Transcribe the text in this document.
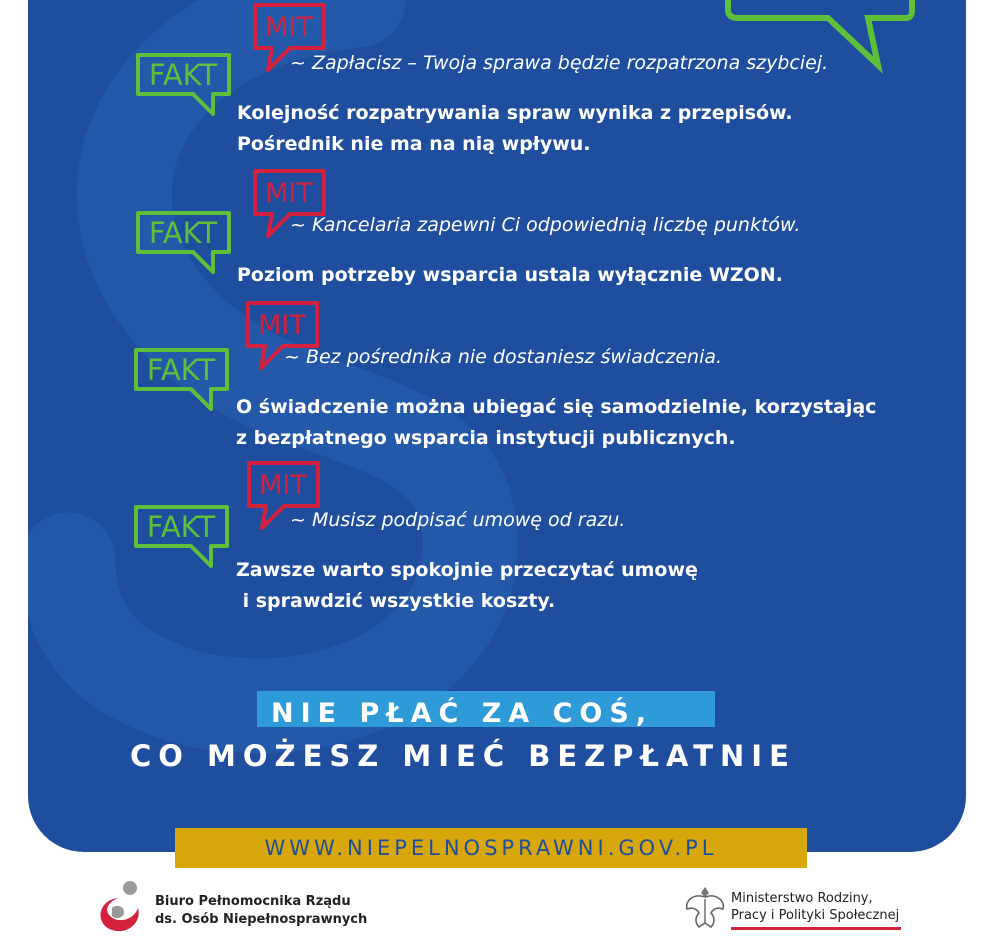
MIT
FAKT	~ Zapłacisz – Twoja sprawa będzie rozpatrzona szybciej.
Kolejność rozpatrywania spraw wynika z przepisów.
Pośrednik nie ma na nią wpływu.
MIT
FAKT	~ Kancelaria zapewni Ci odpowiednią liczbę punktów.
Poziom potrzeby wsparcia ustala wyłącznie WZON.
MIT
FAKT	~ Bez pośrednika nie dostaniesz świadczenia.
O świadczenie można ubiegać się samodzielnie, korzystając
z bezpłatnego wsparcia instytucji publicznych.
MIT
FAKT	~ Musisz podpisać umowę od razu.
Zawsze warto spokojnie przeczytać umowę
i sprawdzić wszystkie koszty.
NIE PŁAĆ ZA COŚ,
CO MOŻESZ MIEĆ BEZPŁATNIE
WWW.NIEPELNOSPRAWNI.GOV.PL
Biuro Pełnomocnika Rządu
ds. Osób Niepełnosprawnych
Ministerstwo Rodziny,
Pracy i Polityki Społecznej
